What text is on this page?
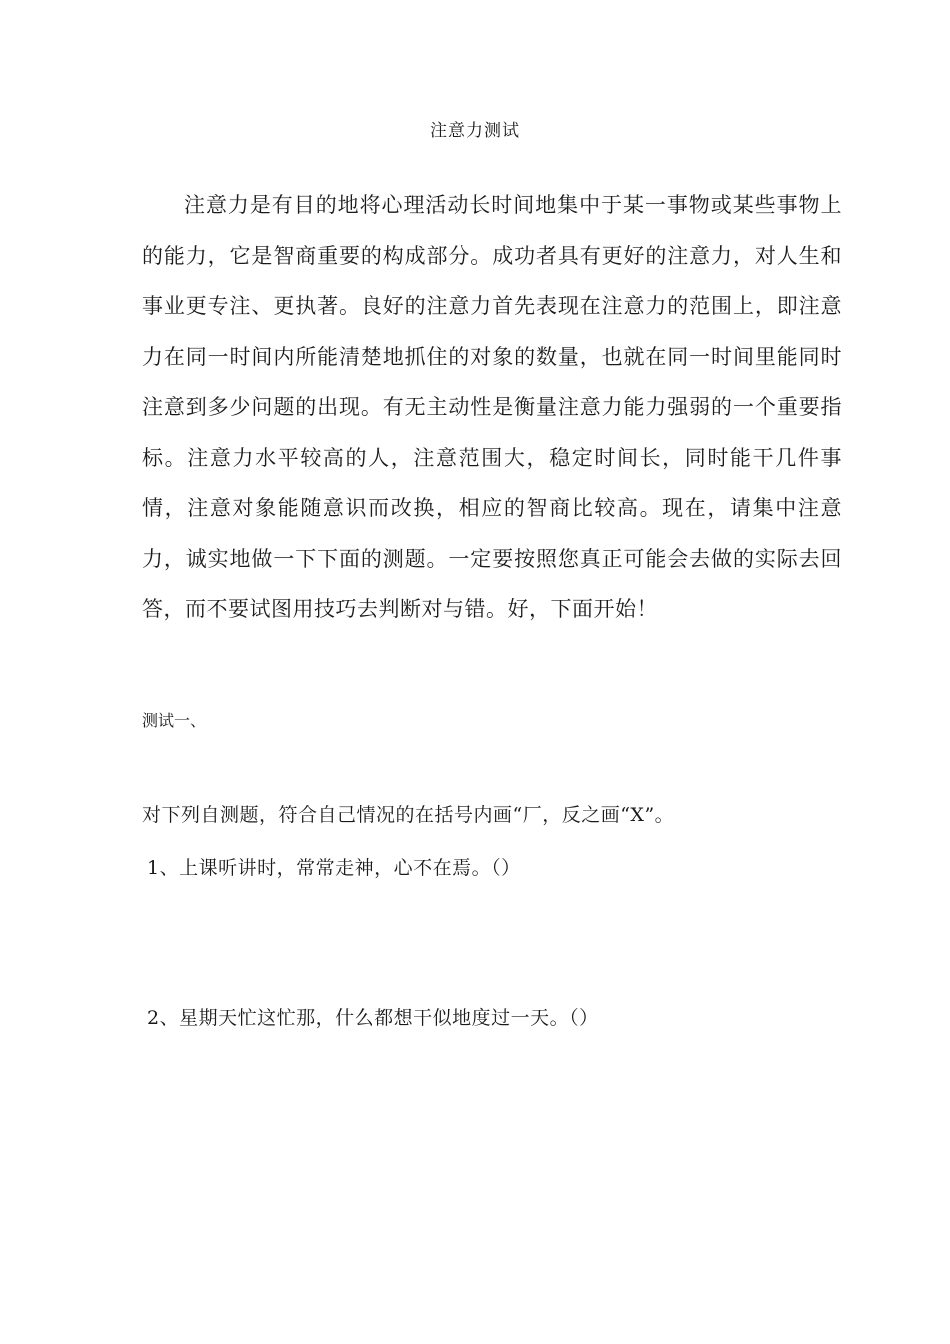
注意力测试

注意力是有目的地将心理活动长时间地集中于某一事物或某些事物上的能力，它是智商重要的构成部分。成功者具有更好的注意力，对人生和事业更专注、更执著。良好的注意力首先表现在注意力的范围上，即注意力在同一时间内所能清楚地抓住的对象的数量，也就在同一时间里能同时注意到多少问题的出现。有无主动性是衡量注意力能力强弱的一个重要指标。注意力水平较高的人，注意范围大，稳定时间长，同时能干几件事情，注意对象能随意识而改换，相应的智商比较高。现在，请集中注意力，诚实地做一下下面的测题。一定要按照您真正可能会去做的实际去回答，而不要试图用技巧去判断对与错。好，下面开始！

测试一、
对下列自测题，符合自己情况的在括号内画“厂，反之画“X”。
1、上课听讲时，常常走神，心不在焉。（）
2、星期天忙这忙那，什么都想干似地度过一天。（）
